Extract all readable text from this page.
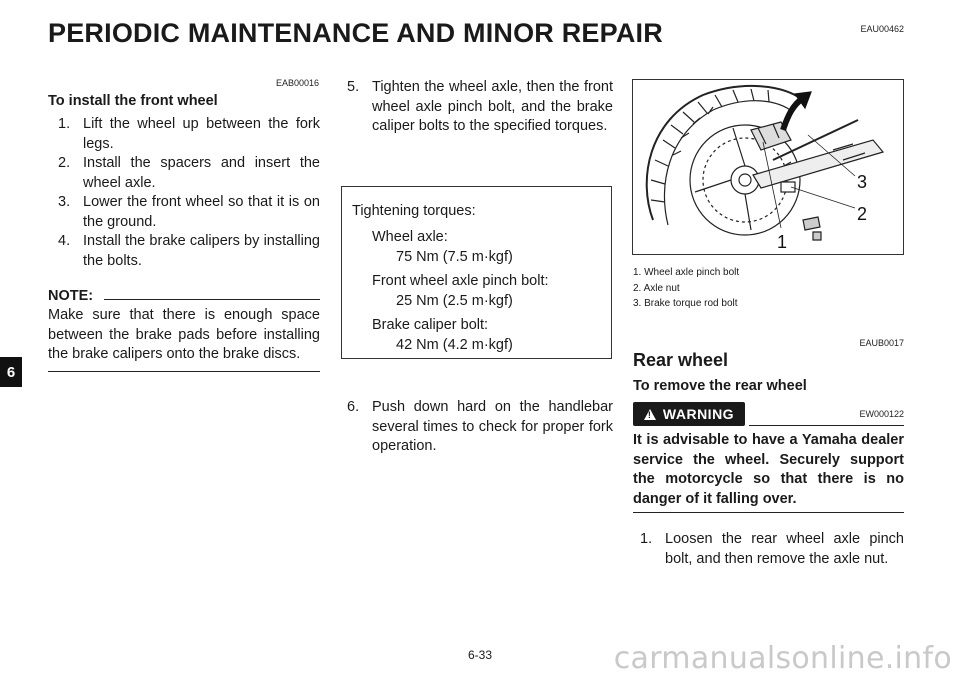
PERIODIC MAINTENANCE AND MINOR REPAIR	EAU00462
6
EAB00016
To install the front wheel
1. Lift the wheel up between the fork legs.
2. Install the spacers and insert the wheel axle.
3. Lower the front wheel so that it is on the ground.
4. Install the brake calipers by installing the bolts.
NOTE:
Make sure that there is enough space between the brake pads before installing the brake calipers onto the brake discs.
5. Tighten the wheel axle, then the front wheel axle pinch bolt, and the brake caliper bolts to the specified torques.
Tightening torques:
Wheel axle:
75 Nm (7.5 m·kgf)
Front wheel axle pinch bolt:
25 Nm (2.5 m·kgf)
Brake caliper bolt:
42 Nm (4.2 m·kgf)
6. Push down hard on the handlebar several times to check for proper fork operation.
1
2
3
1. Wheel axle pinch bolt
2. Axle nut
3. Brake torque rod bolt
EAUB0017
Rear wheel
To remove the rear wheel
!
WARNING	EW000122
It is advisable to have a Yamaha dealer service the wheel. Securely support the motorcycle so that there is no danger of it falling over.
1. Loosen the rear wheel axle pinch bolt, and then remove the axle nut.
6-33	carmanualsonline.info
